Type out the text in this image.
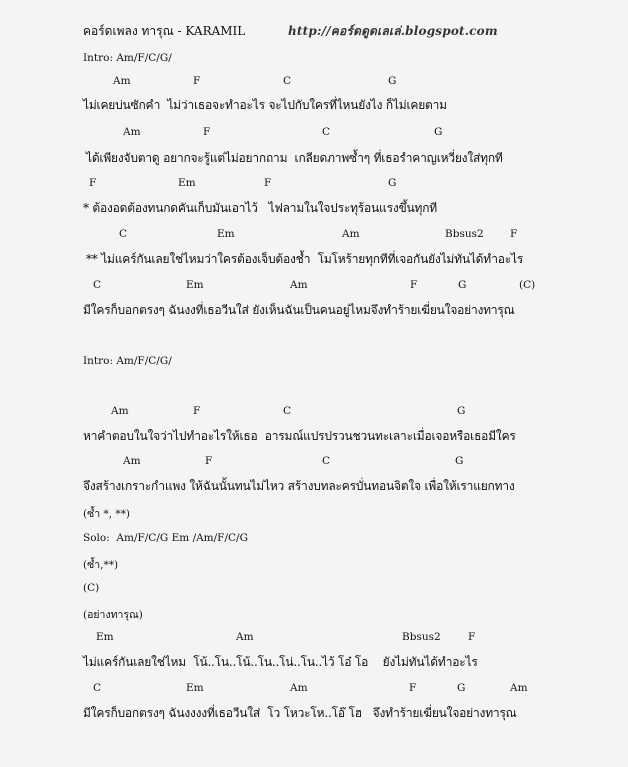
คอร์ดเพลง ทารุณ - KARAMIL	http://คอร์ดดูดเลเล่.blogspot.com
Intro: Am/F/C/G/
Am	F	C	G
ไม่เคยบ่นซักคำ  ไม่ว่าเธอจะทำอะไร จะไปกับใครที่ไหนยังไง ก็ไม่เคยตาม
Am	F	C	G
ได้เพียงจับตาดู อยากจะรู้แต่ไม่อยากถาม  เกลียดภาพซ้ำๆ ที่เธอรำคาญเหวี่ยงใส่ทุกที
F	Em	F	G
* ต้องอดต้องทนกดคันเก็บมันเอาไว้   ไฟลามในใจประทุร้อนแรงขึ้นทุกที
C	Em	Am	Bbsus2	F
** ไม่แคร์กันเลยใช่ไหมว่าใครต้องเจ็บต้องช้ำ  โมโหร้ายทุกทีที่เจอกันยังไม่ทันได้ทำอะไร
C	Em	Am	F	G	(C)
มีใครก็บอกตรงๆ ฉันงงที่เธอวีนใส่ ยังเห็นฉันเป็นคนอยู่ไหมจึงทำร้ายเฆี่ยนใจอย่างทารุณ
Intro: Am/F/C/G/
Am	F	C	G
หาคำตอบในใจว่าไปทำอะไรให้เธอ  อารมณ์แปรปรวนชวนทะเลาะเมื่อเจอหรือเธอมีใคร
Am	F	C	G
จึงสร้างเกราะกำแพง ให้ฉันนั้นทนไม่ไหว สร้างบทละครบั่นทอนจิตใจ เพื่อให้เราแยกทาง
(ซ้ำ *, **)
Solo:  Am/F/C/G Em /Am/F/C/G
(ซ้ำ,**)
(C)
(อย่างทารุณ)
Em	Am	Bbsus2	F
ไม่แคร์กันเลยใช่ไหม  โน้..โน..โน้..โน..โน่..โน..ไว้ โอ๋ โอ    ยังไม่ทันได้ทำอะไร
C	Em	Am	F	G	Am
มีใครก็บอกตรงๆ ฉันงงงงที่เธอวีนใส่  โว โหวะโห..โอ๊ โฮ   จึงทำร้ายเฆี่ยนใจอย่างทารุณ
